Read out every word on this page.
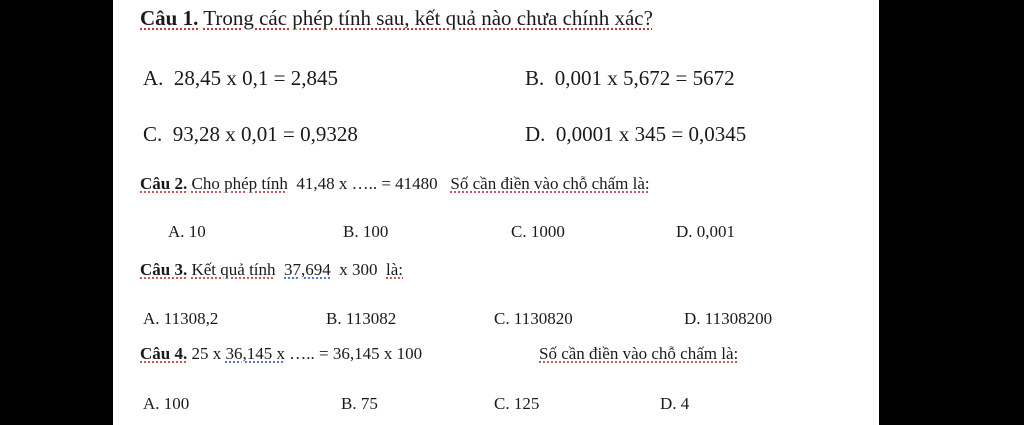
Câu 1. Trong các phép tính sau, kết quả nào chưa chính xác?
A. 28,45 x 0,1 = 2,845	B. 0,001 x 5,672 = 5672
C. 93,28 x 0,01 = 0,9328	D. 0,0001 x 345 = 0,0345
Câu 2. Cho phép tính 41,48 x ….. = 41480 Số cần điền vào chỗ chấm là:
A. 10	B. 100	C. 1000	D. 0,001
Câu 3. Kết quả tính 37,694 x 300 là:
A. 11308,2	B. 113082	C. 1130820	D. 11308200
Câu 4. 25 x 36,145 x ….. = 36,145 x 100	Số cần điền vào chỗ chấm là:
A. 100	B. 75	C. 125	D. 4
